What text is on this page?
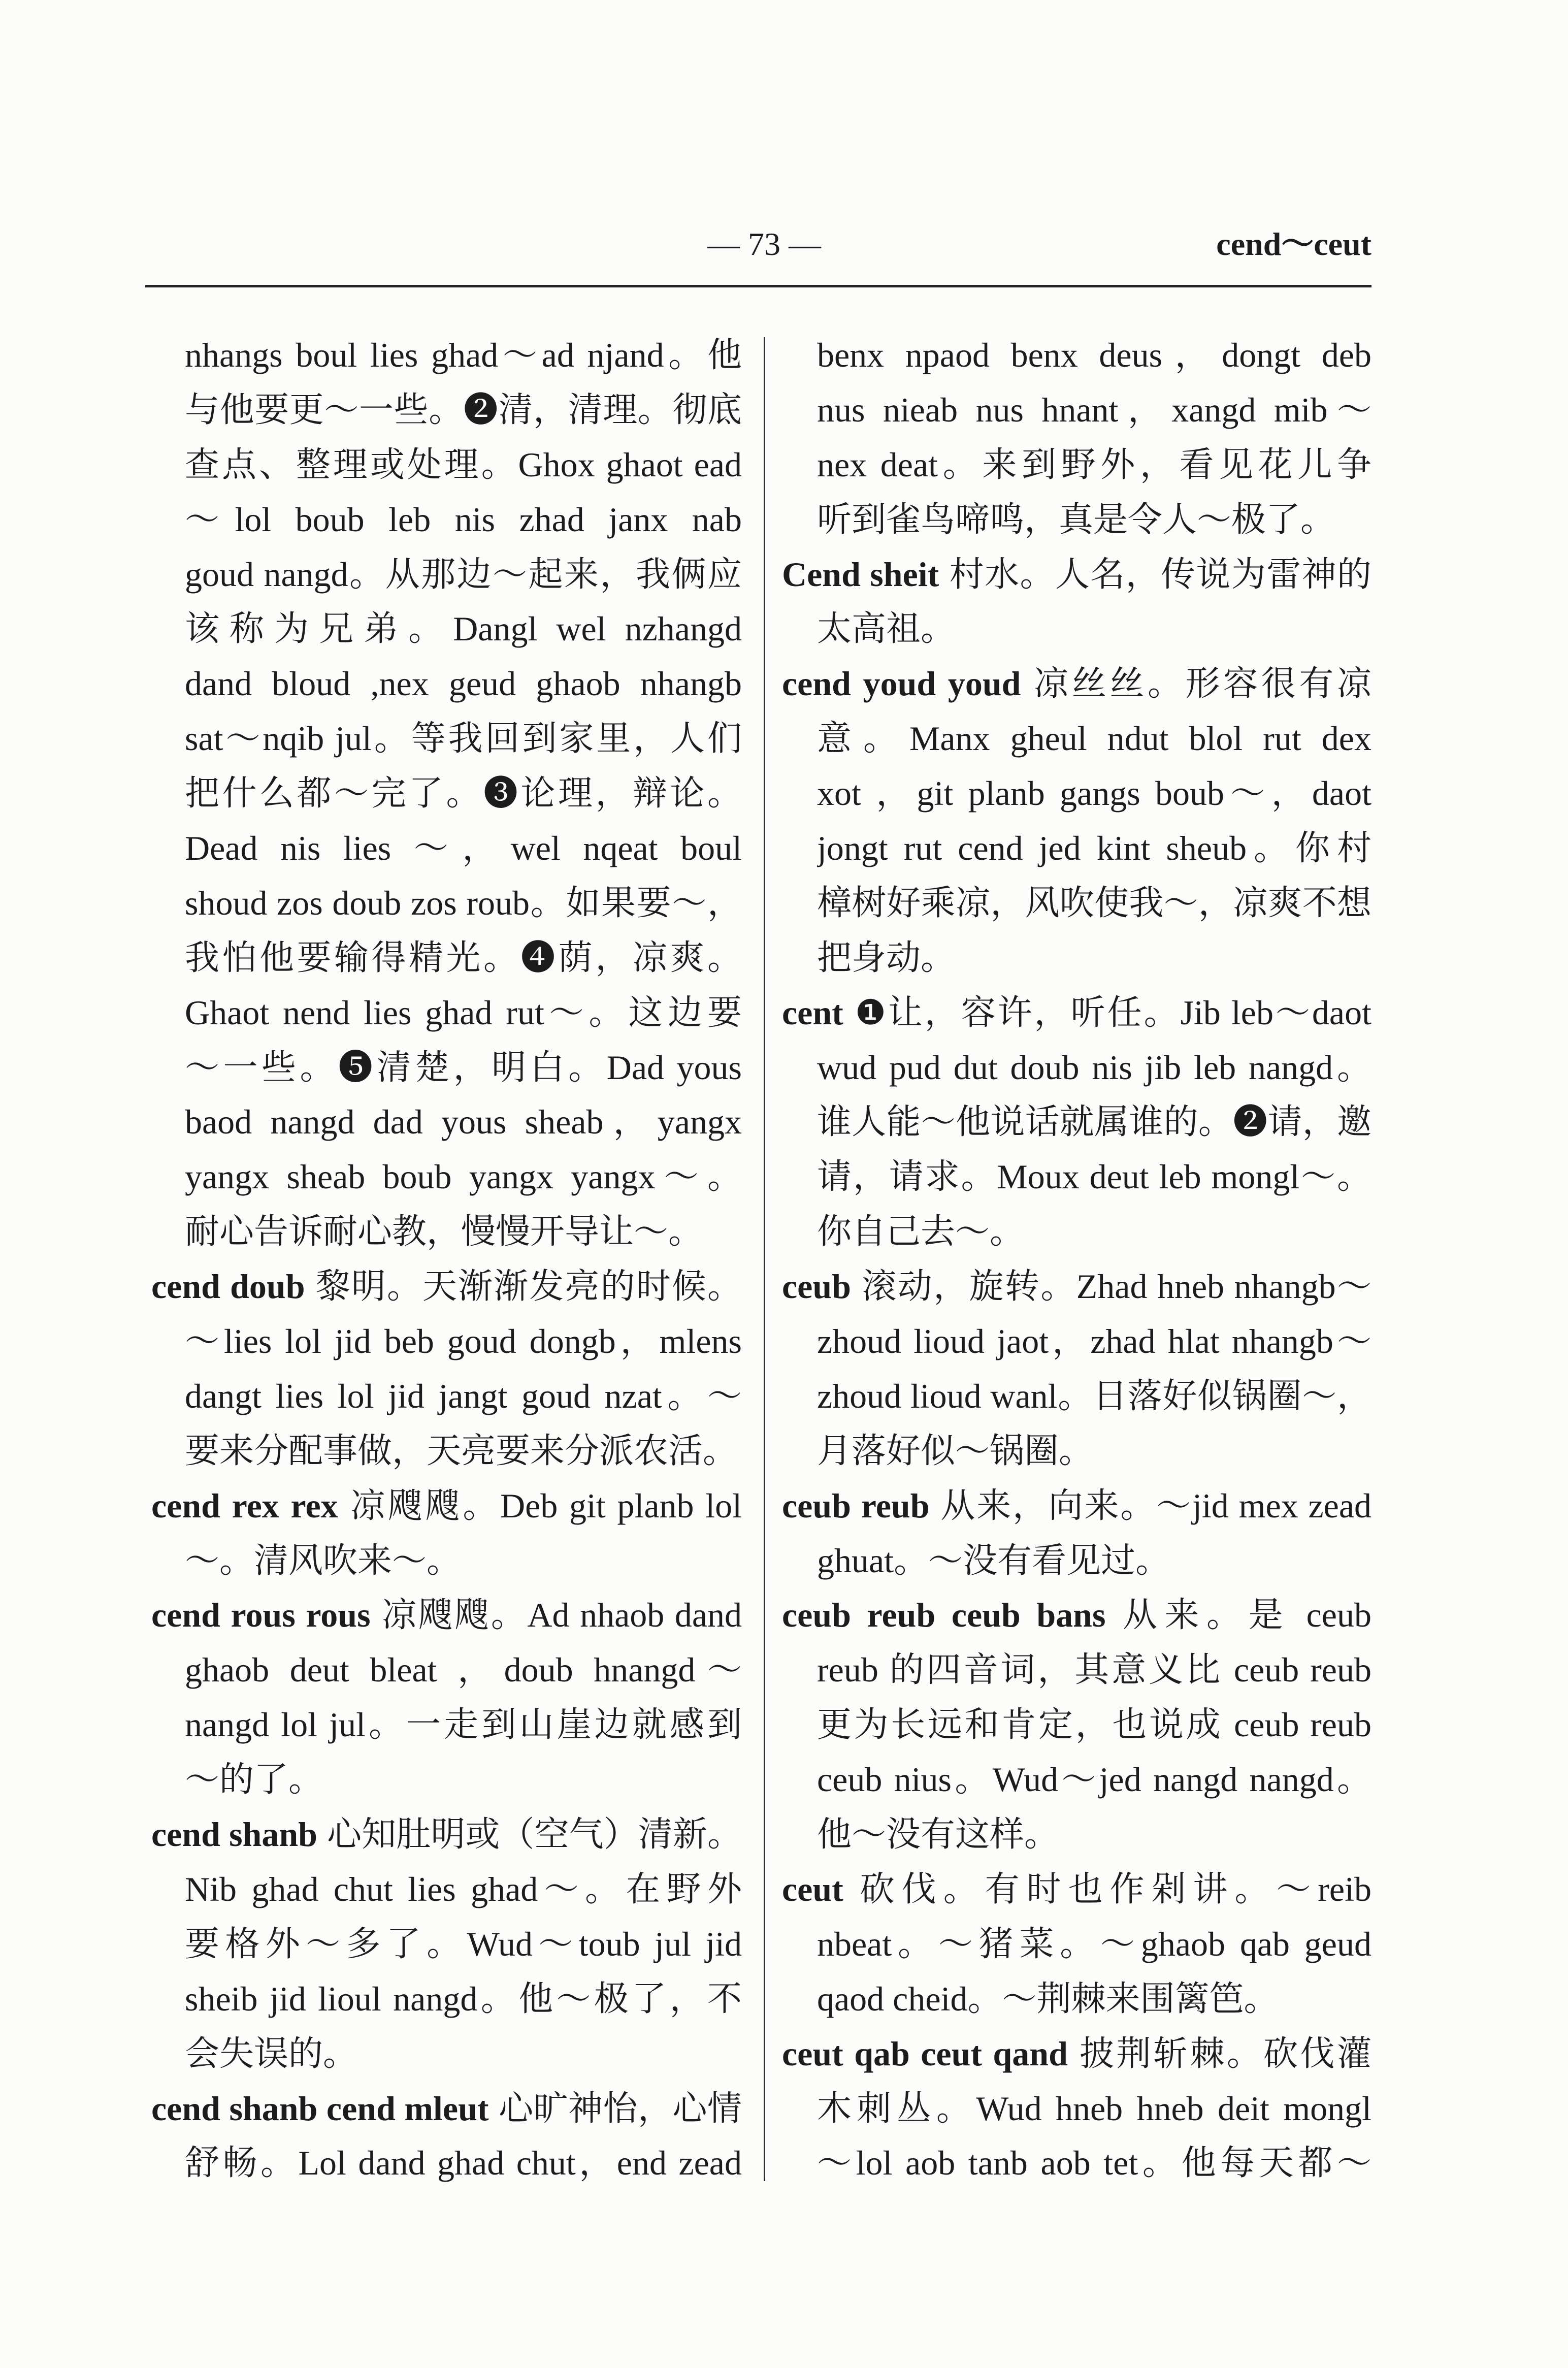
— 73 —	cend～ceut
nhangs boul lies ghad～ad njand。他
与他要更～一些。❷清，清理。彻底
查点、整理或处理。Ghox ghaot ead
～lol boub leb nis zhad janx nab
goud nangd。从那边～起来，我俩应
该称为兄弟。Dangl wel nzhangd
dand bloud ,nex geud ghaob nhangb
sat～nqib jul。等我回到家里，人们
把什么都～完了。❸论理，辩论。
Dead nis lies ～，wel nqeat boul
shoud zos doub zos roub。如果要～，
我怕他要输得精光。❹荫，凉爽。
Ghaot nend lies ghad rut～。这边要
～一些。❺清楚，明白。Dad yous
baod nangd dad yous sheab，yangx
yangx sheab boub yangx yangx～。
耐心告诉耐心教，慢慢开导让～。
cend doub 黎明。天渐渐发亮的时候。
～lies lol jid beb goud dongb，mlens
dangt lies lol jid jangt goud nzat。～
要来分配事做，天亮要来分派农活。
cend rex rex 凉飕飕。Deb git planb lol
～。清风吹来～。
cend rous rous 凉飕飕。Ad nhaob dand
ghaob deut bleat ，doub hnangd～
nangd lol jul。一走到山崖边就感到
～的了。
cend shanb 心知肚明或（空气）清新。
Nib ghad chut lies ghad～。在野外
要格外～多了。Wud～toub jul jid
sheib jid lioul nangd。他～极了，不
会失误的。
cend shanb cend mleut 心旷神怡，心情
舒畅。Lol dand ghad chut，end zead
benx npaod benx deus，dongt deb
nus nieab nus hnant，xangd mib～
nex deat。来到野外，看见花儿争
听到雀鸟啼鸣，真是令人～极了。
Cend sheit 村水。人名，传说为雷神的
太高祖。
cend youd youd 凉丝丝。形容很有凉
意。Manx gheul ndut blol rut dex
xot ，git planb gangs boub～，daot
jongt rut cend jed kint sheub。你村
樟树好乘凉，风吹使我～，凉爽不想
把身动。
cent ❶让，容许，听任。Jib leb～daot
wud pud dut doub nis jib leb nangd。
谁人能～他说话就属谁的。❷请，邀
请，请求。Moux deut leb mongl～。
你自己去～。
ceub 滚动，旋转。Zhad hneb nhangb～
zhoud lioud jaot，zhad hlat nhangb～
zhoud lioud wanl。日落好似锅圈～，
月落好似～锅圈。
ceub reub 从来，向来。～jid mex zead
ghuat。～没有看见过。
ceub reub ceub bans 从来。是 ceub
reub 的四音词，其意义比 ceub reub
更为长远和肯定，也说成 ceub reub
ceub nius。Wud～jed nangd nangd。
他～没有这样。
ceut 砍伐。有时也作剁讲。～reib
nbeat。～猪菜。～ghaob qab geud
qaod cheid。～荆棘来围篱笆。
ceut qab ceut qand 披荆斩棘。砍伐灌
木刺丛。Wud hneb hneb deit mongl
～lol aob tanb aob tet。他每天都～
